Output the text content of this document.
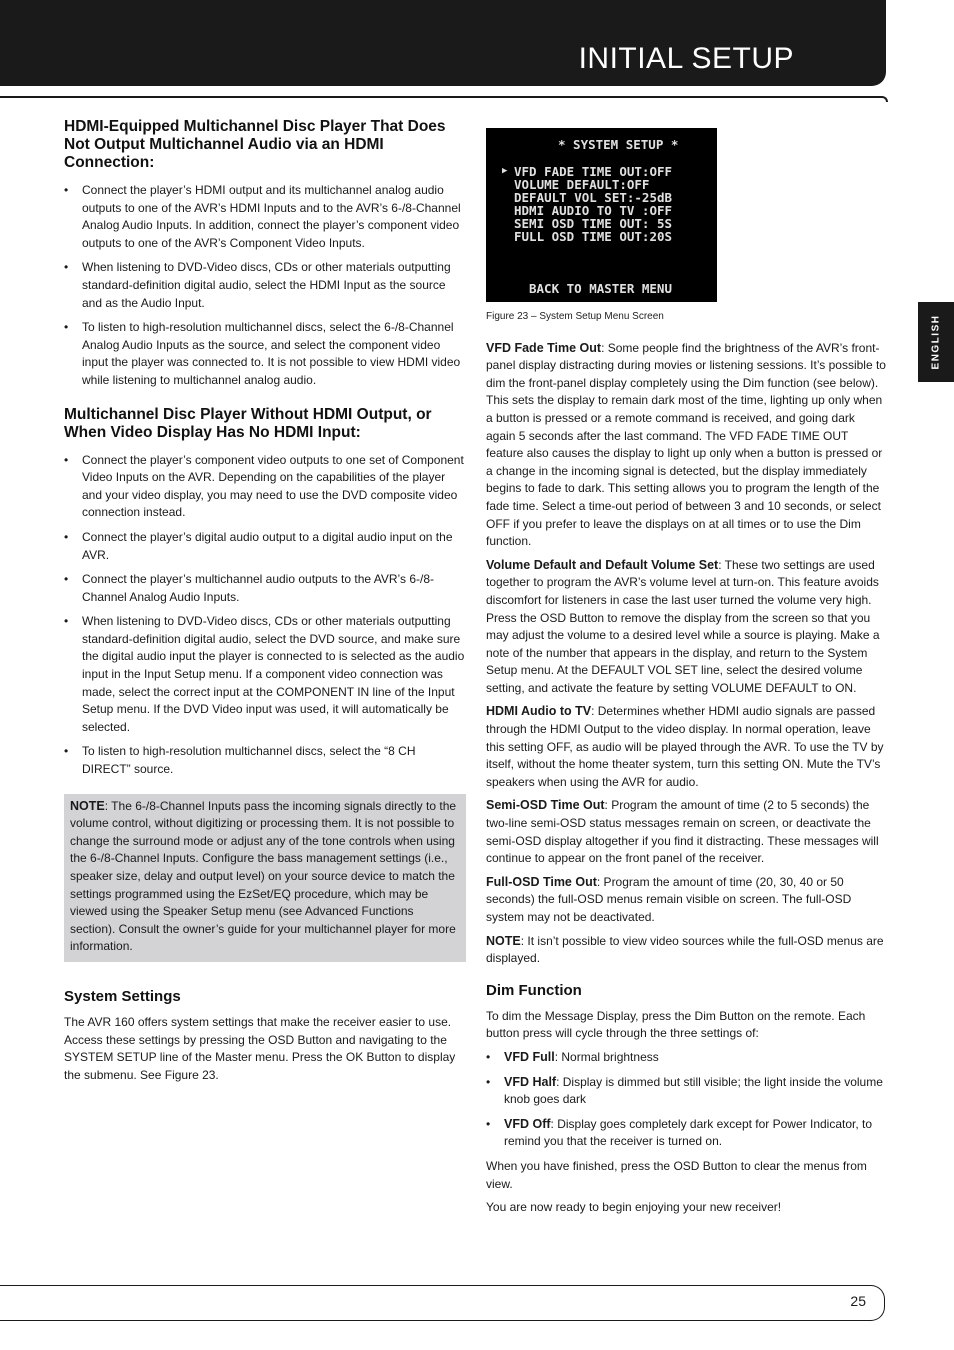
INITIAL SETUP
ENGLISH
HDMI-Equipped Multichannel Disc Player That Does Not Output Multichannel Audio via an HDMI Connection:
• Connect the player’s HDMI output and its multichannel analog audio outputs to one of the AVR’s HDMI Inputs and to the AVR’s 6-/8-Channel Analog Audio Inputs. In addition, connect the player’s component video outputs to one of the AVR’s Component Video Inputs.
• When listening to DVD-Video discs, CDs or other materials outputting standard-definition digital audio, select the HDMI Input as the source and as the Audio Input.
• To listen to high-resolution multichannel discs, select the 6-/8-Channel Analog Audio Inputs as the source, and select the component video input the player was connected to. It is not possible to view HDMI video while listening to multichannel analog audio.
Multichannel Disc Player Without HDMI Output, or When Video Display Has No HDMI Input:
• Connect the player’s component video outputs to one set of Component Video Inputs on the AVR. Depending on the capabilities of the player and your video display, you may need to use the DVD composite video connection instead.
• Connect the player’s digital audio output to a digital audio input on the AVR.
• Connect the player’s multichannel audio outputs to the AVR’s 6-/8-Channel Analog Audio Inputs.
• When listening to DVD-Video discs, CDs or other materials outputting standard-definition digital audio, select the DVD source, and make sure the digital audio input the player is connected to is selected as the audio input in the Input Setup menu. If a component video connection was made, select the correct input at the COMPONENT IN line of the Input Setup menu. If the DVD Video input was used, it will automatically be selected.
• To listen to high-resolution multichannel discs, select the “8 CH DIRECT” source.
NOTE: The 6-/8-Channel Inputs pass the incoming signals directly to the volume control, without digitizing or processing them. It is not possible to change the surround mode or adjust any of the tone controls when using the 6-/8-Channel Inputs. Configure the bass management settings (i.e., speaker size, delay and output level) on your source device to match the settings programmed using the EzSet/EQ procedure, which may be viewed using the Speaker Setup menu (see Advanced Functions section). Consult the owner’s guide for your multichannel player for more information.
System Settings

The AVR 160 offers system settings that make the receiver easier to use. Access these settings by pressing the OSD Button and navigating to the SYSTEM SETUP line of the Master menu. Press the OK Button to display the submenu. See Figure 23.

* SYSTEM SETUP *
▶ VFD FADE TIME OUT:OFF
VOLUME DEFAULT:OFF
DEFAULT VOL SET:-25dB
HDMI AUDIO TO TV :OFF
SEMI OSD TIME OUT: 5S
FULL OSD TIME OUT:20S
BACK TO MASTER MENU
Figure 23 – System Setup Menu Screen

VFD Fade Time Out: Some people find the brightness of the AVR’s front-panel display distracting during movies or listening sessions. It’s possible to dim the front-panel display completely using the Dim function (see below). This sets the display to remain dark most of the time, lighting up only when a button is pressed or a remote command is received, and going dark again 5 seconds after the last command. The VFD FADE TIME OUT feature also causes the display to light up only when a button is pressed or a change in the incoming signal is detected, but the display immediately begins to fade to dark. This setting allows you to program the length of the fade time. Select a time-out period of between 3 and 10 seconds, or select OFF if you prefer to leave the displays on at all times or to use the Dim function.

Volume Default and Default Volume Set: These two settings are used together to program the AVR’s volume level at turn-on. This feature avoids discomfort for listeners in case the last user turned the volume very high. Press the OSD Button to remove the display from the screen so that you may adjust the volume to a desired level while a source is playing. Make a note of the number that appears in the display, and return to the System Setup menu. At the DEFAULT VOL SET line, select the desired volume setting, and activate the feature by setting VOLUME DEFAULT to ON.

HDMI Audio to TV: Determines whether HDMI audio signals are passed through the HDMI Output to the video display. In normal operation, leave this setting OFF, as audio will be played through the AVR. To use the TV by itself, without the home theater system, turn this setting ON. Mute the TV’s speakers when using the AVR for audio.

Semi-OSD Time Out: Program the amount of time (2 to 5 seconds) the two-line semi-OSD status messages remain on screen, or deactivate the semi-OSD display altogether if you find it distracting. These messages will continue to appear on the front panel of the receiver.

Full-OSD Time Out: Program the amount of time (20, 30, 40 or 50 seconds) the full-OSD menus remain visible on screen. The full-OSD system may not be deactivated.

NOTE: It isn’t possible to view video sources while the full-OSD menus are displayed.

Dim Function

To dim the Message Display, press the Dim Button on the remote. Each button press will cycle through the three settings of:

• VFD Full: Normal brightness
• VFD Half: Display is dimmed but still visible; the light inside the volume knob goes dark
• VFD Off: Display goes completely dark except for Power Indicator, to remind you that the receiver is turned on.

When you have finished, press the OSD Button to clear the menus from view.

You are now ready to begin enjoying your new receiver!

25
